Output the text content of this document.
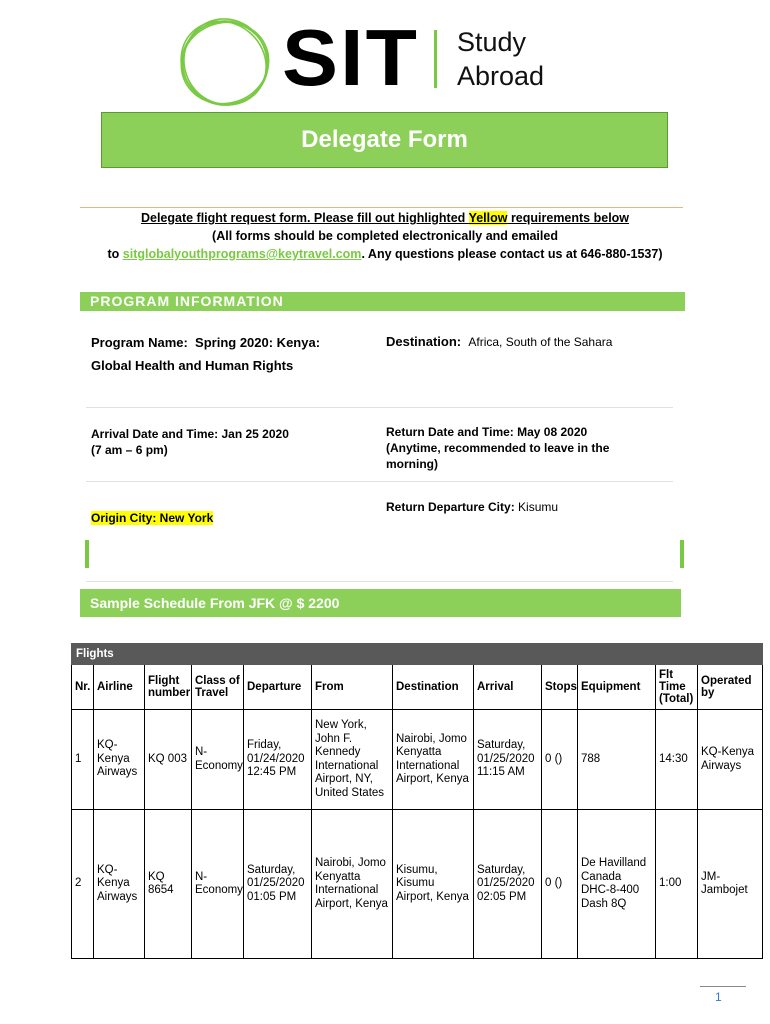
SIT Study
Abroad
Delegate Form
Delegate flight request form. Please fill out highlighted Yellow requirements below
(All forms should be completed electronically and emailed
to sitglobalyouthprograms@keytravel.com. Any questions please contact us at 646-880-1537)
PROGRAM INFORMATION
Program Name: Spring 2020: Kenya:
Global Health and Human Rights
Destination: Africa, South of the Sahara
Arrival Date and Time: Jan 25 2020
(7 am – 6 pm)
Return Date and Time: May 08 2020
(Anytime, recommended to leave in the
morning)
Origin City: New York
Return Departure City: Kisumu
Sample Schedule From JFK @ $ 2200
Flights											
Nr.	Airline	Flight number	Class of Travel	Departure	From	Destination	Arrival	Stops	Equipment	Flt Time (Total)	Operated by
1	KQ-Kenya Airways	KQ 003	N-Economy	Friday, 01/24/2020 12:45 PM	New York, John F. Kennedy International Airport, NY, United States	Nairobi, Jomo Kenyatta International Airport, Kenya	Saturday, 01/25/2020 11:15 AM	0 ()	788	14:30	KQ-Kenya Airways
2	KQ-Kenya Airways	KQ 8654	N-Economy	Saturday, 01/25/2020 01:05 PM	Nairobi, Jomo Kenyatta International Airport, Kenya	Kisumu, Kisumu Airport, Kenya	Saturday, 01/25/2020 02:05 PM	0 ()	De Havilland Canada DHC-8-400 Dash 8Q	1:00	JM-Jambojet
1
